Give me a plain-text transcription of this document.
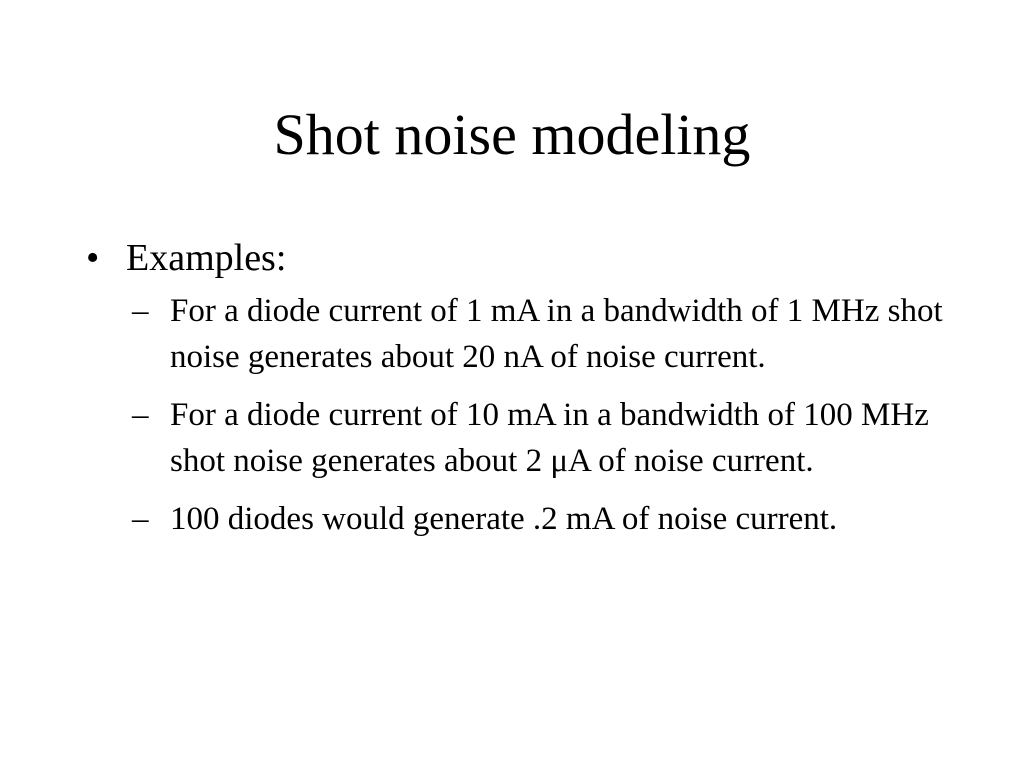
Shot noise modeling
• Examples:
– For a diode current of 1 mA in a bandwidth of 1 MHz shot noise generates about 20 nA of noise current.
– For a diode current of 10 mA in a bandwidth of 100 MHz shot noise generates about 2 μA of noise current.
– 100 diodes would generate .2 mA of noise current.
